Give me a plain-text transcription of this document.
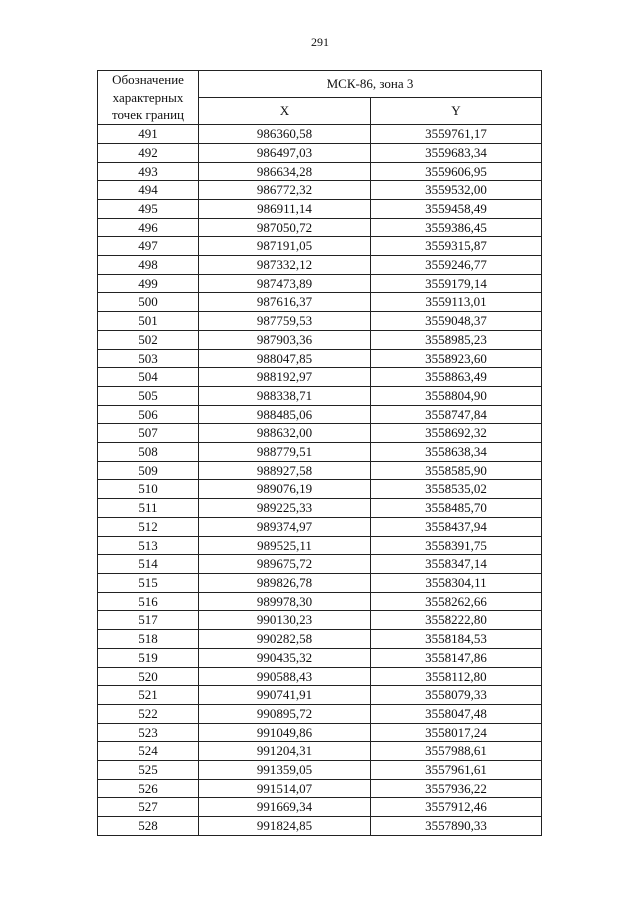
291
Обозначение характерных точек границ	МСК-86, зона 3	
	X	Y
491	986360,58	3559761,17
492	986497,03	3559683,34
493	986634,28	3559606,95
494	986772,32	3559532,00
495	986911,14	3559458,49
496	987050,72	3559386,45
497	987191,05	3559315,87
498	987332,12	3559246,77
499	987473,89	3559179,14
500	987616,37	3559113,01
501	987759,53	3559048,37
502	987903,36	3558985,23
503	988047,85	3558923,60
504	988192,97	3558863,49
505	988338,71	3558804,90
506	988485,06	3558747,84
507	988632,00	3558692,32
508	988779,51	3558638,34
509	988927,58	3558585,90
510	989076,19	3558535,02
511	989225,33	3558485,70
512	989374,97	3558437,94
513	989525,11	3558391,75
514	989675,72	3558347,14
515	989826,78	3558304,11
516	989978,30	3558262,66
517	990130,23	3558222,80
518	990282,58	3558184,53
519	990435,32	3558147,86
520	990588,43	3558112,80
521	990741,91	3558079,33
522	990895,72	3558047,48
523	991049,86	3558017,24
524	991204,31	3557988,61
525	991359,05	3557961,61
526	991514,07	3557936,22
527	991669,34	3557912,46
528	991824,85	3557890,33
